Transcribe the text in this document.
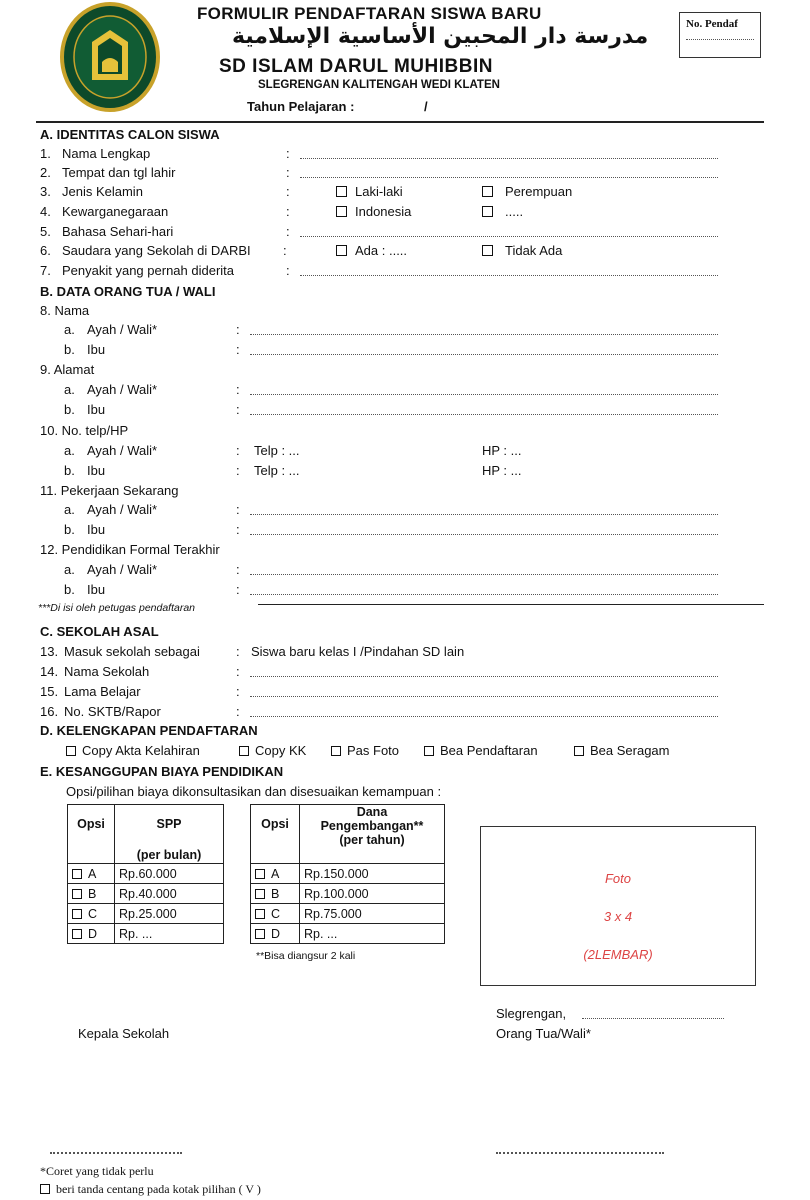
FORMULIR PENDAFTARAN SISWA BARU
مدرسة دار المحبين الأساسية الإسلامية
SD ISLAM DARUL MUHIBBIN
SLEGRENGAN KALITENGAH WEDI KLATEN
Tahun Pelajaran :	/
No. Pendaf
A. IDENTITAS CALON SISWA
1. Nama Lengkap	:
2. Tempat dan tgl lahir	:
3. Jenis Kelamin	:	Laki-laki	Perempuan
4. Kewarganegaraan	:	Indonesia	.....
5. Bahasa Sehari-hari	:
6. Saudara yang Sekolah di DARBI :	Ada : .....	Tidak Ada
7. Penyakit yang pernah diderita	:
B. DATA ORANG TUA / WALI
8. Nama
a. Ayah / Wali*	:
b. Ibu	:
9. Alamat
a. Ayah / Wali*	:
b. Ibu	:
10. No. telp/HP
a. Ayah / Wali*	: Telp : ...	HP : ...
b. Ibu	: Telp : ...	HP : ...
11. Pekerjaan Sekarang
a. Ayah / Wali*	:
b. Ibu	:
12. Pendidikan Formal Terakhir
a. Ayah / Wali*	:
b. Ibu	:
***Di isi oleh petugas pendaftaran
C. SEKOLAH ASAL
13. Masuk sekolah sebagai	: Siswa baru kelas I /Pindahan SD lain
14. Nama Sekolah	:
15. Lama Belajar	:
16. No. SKTB/Rapor	:
D. KELENGKAPAN PENDAFTARAN
Copy Akta Kelahiran	Copy KK	Pas Foto	Bea Pendaftaran	Bea Seragam
E. KESANGGUPAN BIAYA PENDIDIKAN
Opsi/pilihan biaya dikonsultasikan dan disesuaikan kemampuan :
Opsi	SPP
(per bulan)

A	Rp.60.000
B	Rp.40.000
C	Rp.25.000
D	Rp. ...
Opsi	Dana
Pengembangan**
(per tahun)

A	Rp.150.000
B	Rp.100.000
C	Rp.75.000
D	Rp. ...
**Bisa diangsur 2 kali
Foto
3 x 4
(2LEMBAR)
Slegrengan,
Kepala Sekolah	Orang Tua/Wali*
*Coret yang tidak perlu
beri tanda centang pada kotak pilihan ( V )
